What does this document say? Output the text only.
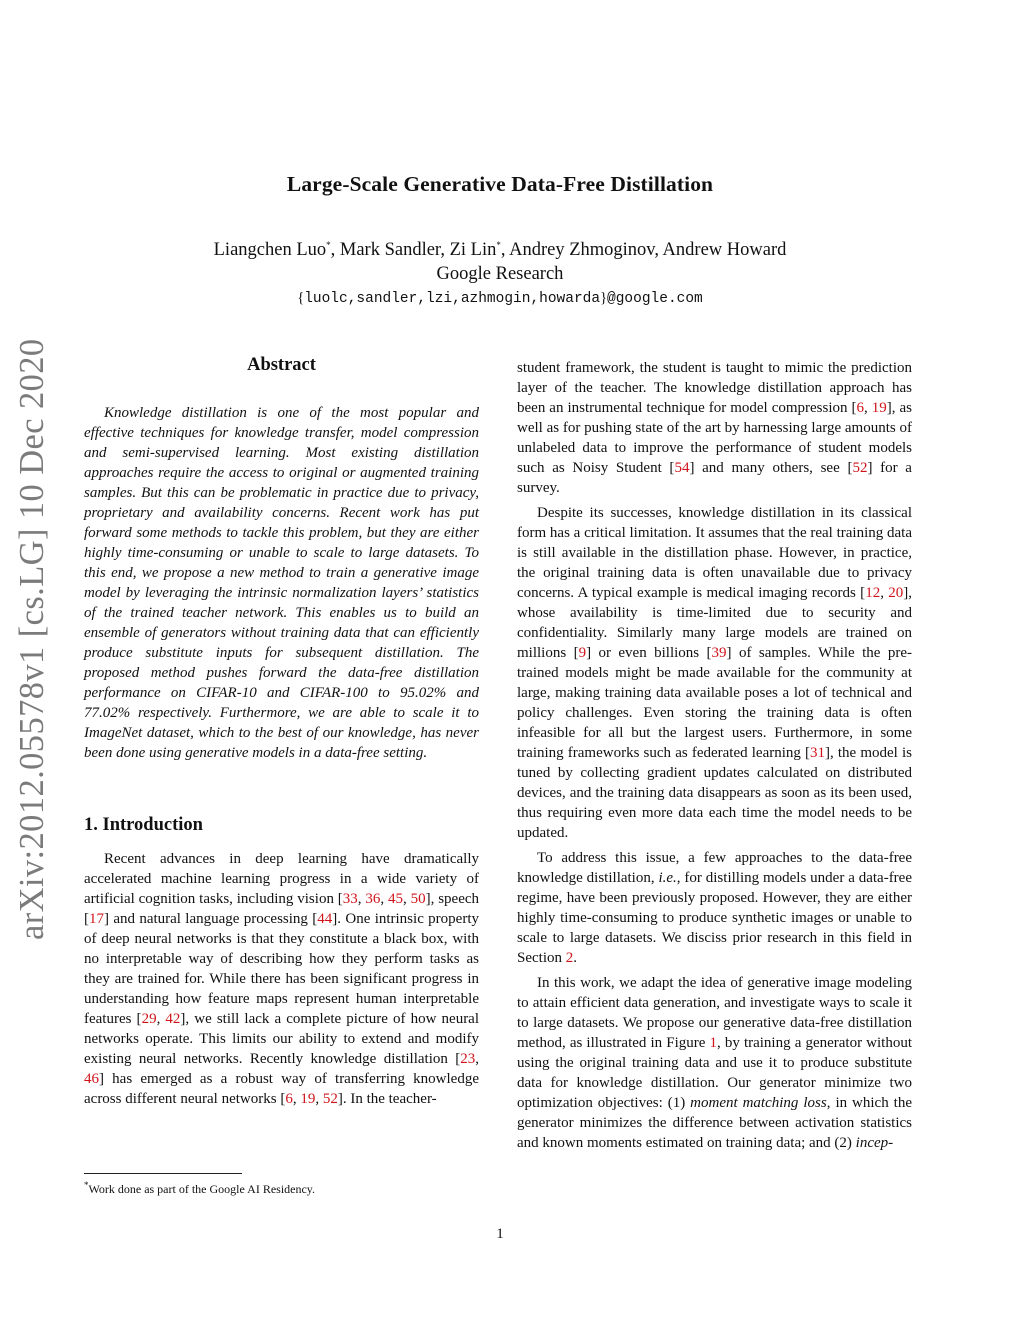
Large-Scale Generative Data-Free Distillation
Liangchen Luo*, Mark Sandler, Zi Lin*, Andrey Zhmoginov, Andrew Howard
Google Research
{luolc,sandler,lzi,azhmogin,howarda}@google.com
arXiv:2012.05578v1 [cs.LG] 10 Dec 2020	Abstract

Knowledge distillation is one of the most popular and effective techniques for knowledge transfer, model compression and semi-supervised learning. Most existing distillation approaches require the access to original or augmented training samples. But this can be problematic in practice due to privacy, proprietary and availability concerns. Recent work has put forward some methods to tackle this problem, but they are either highly time-consuming or unable to scale to large datasets. To this end, we propose a new method to train a generative image model by leveraging the intrinsic normalization layers’ statistics of the trained teacher network. This enables us to build an ensemble of generators without training data that can efficiently produce substitute inputs for subsequent distillation. The proposed method pushes forward the data-free distillation performance on CIFAR-10 and CIFAR-100 to 95.02% and 77.02% respectively. Furthermore, we are able to scale it to ImageNet dataset, which to the best of our knowledge, has never been done using generative models in a data-free setting.

1. Introduction

Recent advances in deep learning have dramatically accelerated machine learning progress in a wide variety of artificial cognition tasks, including vision [33, 36, 45, 50], speech [17] and natural language processing [44]. One intrinsic property of deep neural networks is that they constitute a black box, with no interpretable way of describing how they perform tasks as they are trained for. While there has been significant progress in understanding how feature maps represent human interpretable features [29, 42], we still lack a complete picture of how neural networks operate. This limits our ability to extend and modify existing neural networks. Recently knowledge distillation [23, 46] has emerged as a robust way of transferring knowledge across different neural networks [6, 19, 52]. In the teacher-

student framework, the student is taught to mimic the prediction layer of the teacher. The knowledge distillation approach has been an instrumental technique for model compression [6, 19], as well as for pushing state of the art by harnessing large amounts of unlabeled data to improve the performance of student models such as Noisy Student [54] and many others, see [52] for a survey.

Despite its successes, knowledge distillation in its classical form has a critical limitation. It assumes that the real training data is still available in the distillation phase. However, in practice, the original training data is often unavailable due to privacy concerns. A typical example is medical imaging records [12, 20], whose availability is time-limited due to security and confidentiality. Similarly many large models are trained on millions [9] or even billions [39] of samples. While the pre-trained models might be made available for the community at large, making training data available poses a lot of technical and policy challenges. Even storing the training data is often infeasible for all but the largest users. Furthermore, in some training frameworks such as federated learning [31], the model is tuned by collecting gradient updates calculated on distributed devices, and the training data disappears as soon as its been used, thus requiring even more data each time the model needs to be updated.

To address this issue, a few approaches to the data-free knowledge distillation, i.e., for distilling models under a data-free regime, have been previously proposed. However, they are either highly time-consuming to produce synthetic images or unable to scale to large datasets. We disciss prior research in this field in Section 2.

In this work, we adapt the idea of generative image modeling to attain efficient data generation, and investigate ways to scale it to large datasets. We propose our generative data-free distillation method, as illustrated in Figure 1, by training a generator without using the original training data and use it to produce substitute data for knowledge distillation. Our generator minimize two optimization objectives: (1) moment matching loss, in which the generator minimizes the difference between activation statistics and known moments estimated on training data; and (2) incep-

*Work done as part of the Google AI Residency.
1
